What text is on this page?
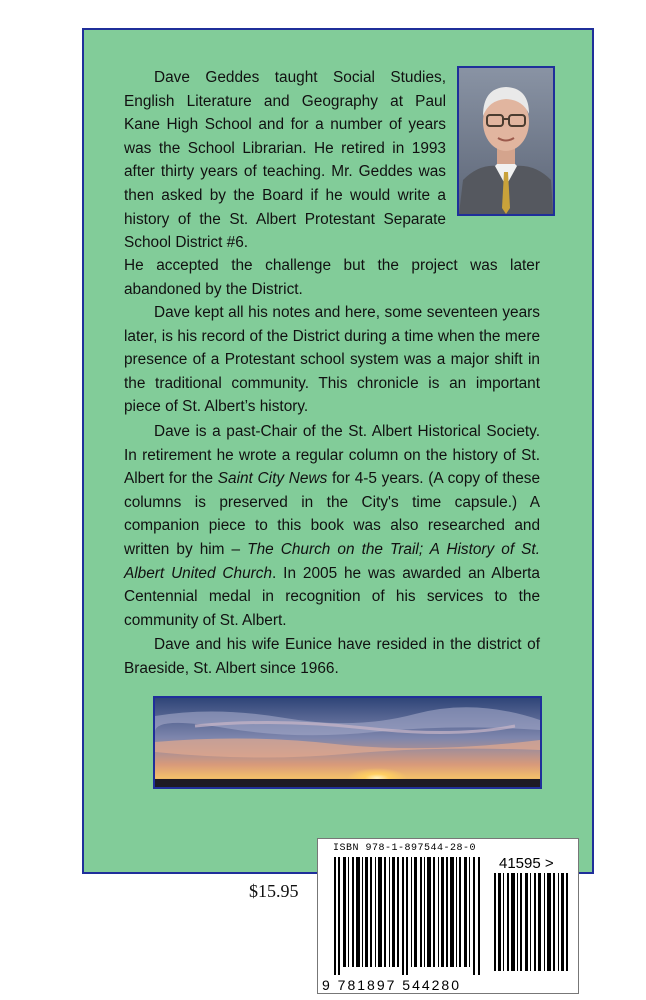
Dave Geddes taught Social Studies, English Literature and Geography at Paul Kane High School and for a number of years was the School Librarian. He retired in 1993 after thirty years of teaching. Mr. Geddes was then asked by the Board if he would write a history of the St. Albert Protestant Separate School District #6.

He accepted the challenge but the project was later abandoned by the District.

Dave kept all his notes and here, some seventeen years later, is his record of the District during a time when the mere presence of a Protestant school system was a major shift in the traditional community. This chronicle is an important piece of St. Albert’s history.

Dave is a past-Chair of the St. Albert Historical Society. In retirement he wrote a regular column on the history of St. Albert for the Saint City News for 4-5 years. (A copy of these columns is preserved in the City's time capsule.) A companion piece to this book was also researched and written by him – The Church on the Trail; A History of St. Albert United Church. In 2005 he was awarded an Alberta Centennial medal in recognition of his services to the community of St. Albert.

Dave and his wife Eunice have resided in the district of Braeside, St. Albert since 1966.

$15.95
ISBN 978-1-897544-28-0
41595 >
9 781897 544280
